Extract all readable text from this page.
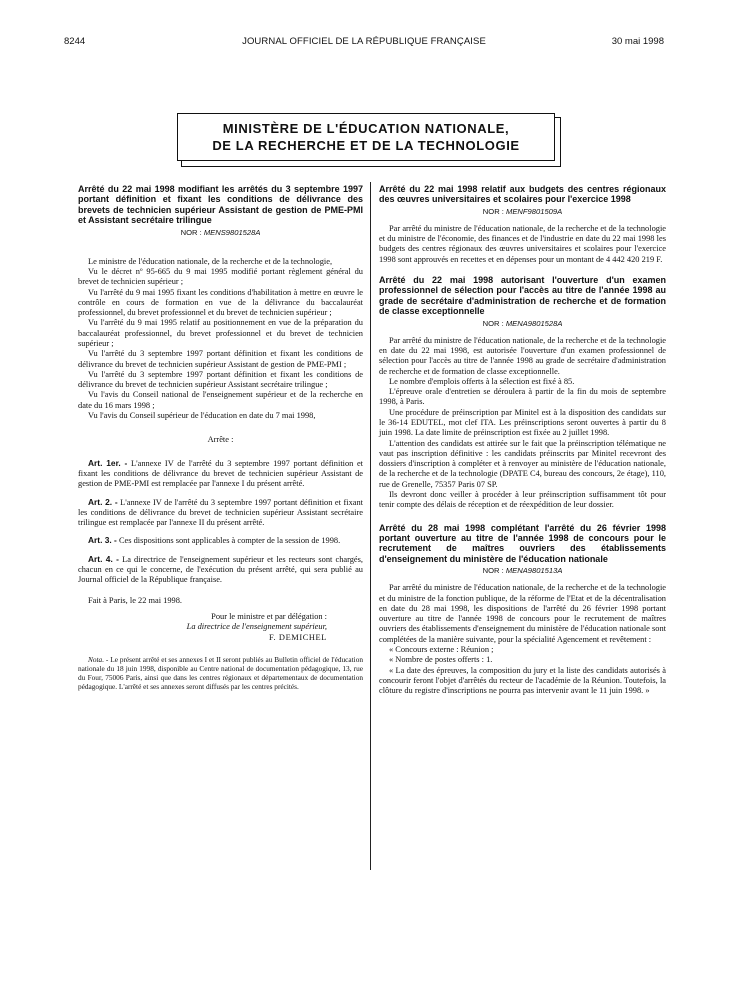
8244	JOURNAL OFFICIEL DE LA RÉPUBLIQUE FRANÇAISE	30 mai 1998
MINISTÈRE DE L'ÉDUCATION NATIONALE,
DE LA RECHERCHE ET DE LA TECHNOLOGIE

Arrêté du 22 mai 1998 modifiant les arrêtés du 3 septembre 1997 portant définition et fixant les conditions de délivrance des brevets de technicien supérieur Assistant de gestion de PME-PMI et Assistant secrétaire trilingue

NOR : MENS9801528A

Le ministre de l'éducation nationale, de la recherche et de la technologie,

Vu le décret nº 95-665 du 9 mai 1995 modifié portant règlement général du brevet de technicien supérieur ;

Vu l'arrêté du 9 mai 1995 fixant les conditions d'habilitation à mettre en œuvre le contrôle en cours de formation en vue de la délivrance du baccalauréat professionnel, du brevet professionnel et du brevet de technicien supérieur ;

Vu l'arrêté du 9 mai 1995 relatif au positionnement en vue de la préparation du baccalauréat professionnel, du brevet professionnel et du brevet de technicien supérieur ;

Vu l'arrêté du 3 septembre 1997 portant définition et fixant les conditions de délivrance du brevet de technicien supérieur Assistant de gestion de PME-PMI ;

Vu l'arrêté du 3 septembre 1997 portant définition et fixant les conditions de délivrance du brevet de technicien supérieur Assistant secrétaire trilingue ;

Vu l'avis du Conseil national de l'enseignement supérieur et de la recherche en date du 16 mars 1998 ;

Vu l'avis du Conseil supérieur de l'éducation en date du 7 mai 1998,

Arrête :

Art. 1er. - L'annexe IV de l'arrêté du 3 septembre 1997 portant définition et fixant les conditions de délivrance du brevet de technicien supérieur Assistant de gestion de PME-PMI est remplacée par l'annexe I du présent arrêté.

Art. 2. - L'annexe IV de l'arrêté du 3 septembre 1997 portant définition et fixant les conditions de délivrance du brevet de technicien supérieur Assistant secrétaire trilingue est remplacée par l'annexe II du présent arrêté.

Art. 3. - Ces dispositions sont applicables à compter de la session de 1998.

Art. 4. - La directrice de l'enseignement supérieur et les recteurs sont chargés, chacun en ce qui le concerne, de l'exécution du présent arrêté, qui sera publié au Journal officiel de la République française.

Fait à Paris, le 22 mai 1998.

Pour le ministre et par délégation :

La directrice de l'enseignement supérieur,

F. DEMICHEL

Nota. - Le présent arrêté et ses annexes I et II seront publiés au Bulletin officiel de l'éducation nationale du 18 juin 1998, disponible au Centre national de documentation pédagogique, 13, rue du Four, 75006 Paris, ainsi que dans les centres régionaux et départementaux de documentation pédagogique. L'arrêté et ses annexes seront diffusés par les centres précités.

Arrêté du 22 mai 1998 relatif aux budgets des centres régionaux des œuvres universitaires et scolaires pour l'exercice 1998

NOR : MENF9801509A

Par arrêté du ministre de l'éducation nationale, de la recherche et de la technologie et du ministre de l'économie, des finances et de l'industrie en date du 22 mai 1998 les budgets des centres régionaux des œuvres universitaires et scolaires pour l'exercice 1998 sont approuvés en recettes et en dépenses pour un montant de 4 442 420 219 F.

Arrêté du 22 mai 1998 autorisant l'ouverture d'un examen professionnel de sélection pour l'accès au titre de l'année 1998 au grade de secrétaire d'administration de recherche et de formation de classe exceptionnelle

NOR : MENA9801528A

Par arrêté du ministre de l'éducation nationale, de la recherche et de la technologie en date du 22 mai 1998, est autorisée l'ouverture d'un examen professionnel de sélection pour l'accès au titre de l'année 1998 au grade de secrétaire d'administration de recherche et de formation de classe exceptionnelle.

Le nombre d'emplois offerts à la sélection est fixé à 85.

L'épreuve orale d'entretien se déroulera à partir de la fin du mois de septembre 1998, à Paris.

Une procédure de préinscription par Minitel est à la disposition des candidats sur le 36-14 EDUTEL, mot clef ITA. Les préinscriptions seront ouvertes à partir du 8 juin 1998. La date limite de préinscription est fixée au 2 juillet 1998.

L'attention des candidats est attirée sur le fait que la préinscription télématique ne vaut pas inscription définitive : les candidats préinscrits par Minitel recevront des dossiers d'inscription à compléter et à renvoyer au ministère de l'éducation nationale, de la recherche et de la technologie (DPATE C4, bureau des concours, 2e étage), 110, rue de Grenelle, 75357 Paris 07 SP.

Ils devront donc veiller à procéder à leur préinscription suffisamment tôt pour tenir compte des délais de réception et de réexpédition de leur dossier.

Arrêté du 28 mai 1998 complétant l'arrêté du 26 février 1998 portant ouverture au titre de l'année 1998 de concours pour le recrutement de maîtres ouvriers des établissements d'enseignement du ministère de l'éducation nationale

NOR : MENA9801513A

Par arrêté du ministre de l'éducation nationale, de la recherche et de la technologie et du ministre de la fonction publique, de la réforme de l'Etat et de la décentralisation en date du 28 mai 1998, les dispositions de l'arrêté du 26 février 1998 portant ouverture au titre de l'année 1998 de concours pour le recrutement de maîtres ouvriers des établissements d'enseignement du ministère de l'éducation nationale sont complétées de la manière suivante, pour la spécialité Agencement et revêtement :

« Concours externe : Réunion ;

« Nombre de postes offerts : 1.

« La date des épreuves, la composition du jury et la liste des candidats autorisés à concourir feront l'objet d'arrêtés du recteur de l'académie de la Réunion. Toutefois, la clôture du registre d'inscriptions ne pourra pas intervenir avant le 11 juin 1998. »
